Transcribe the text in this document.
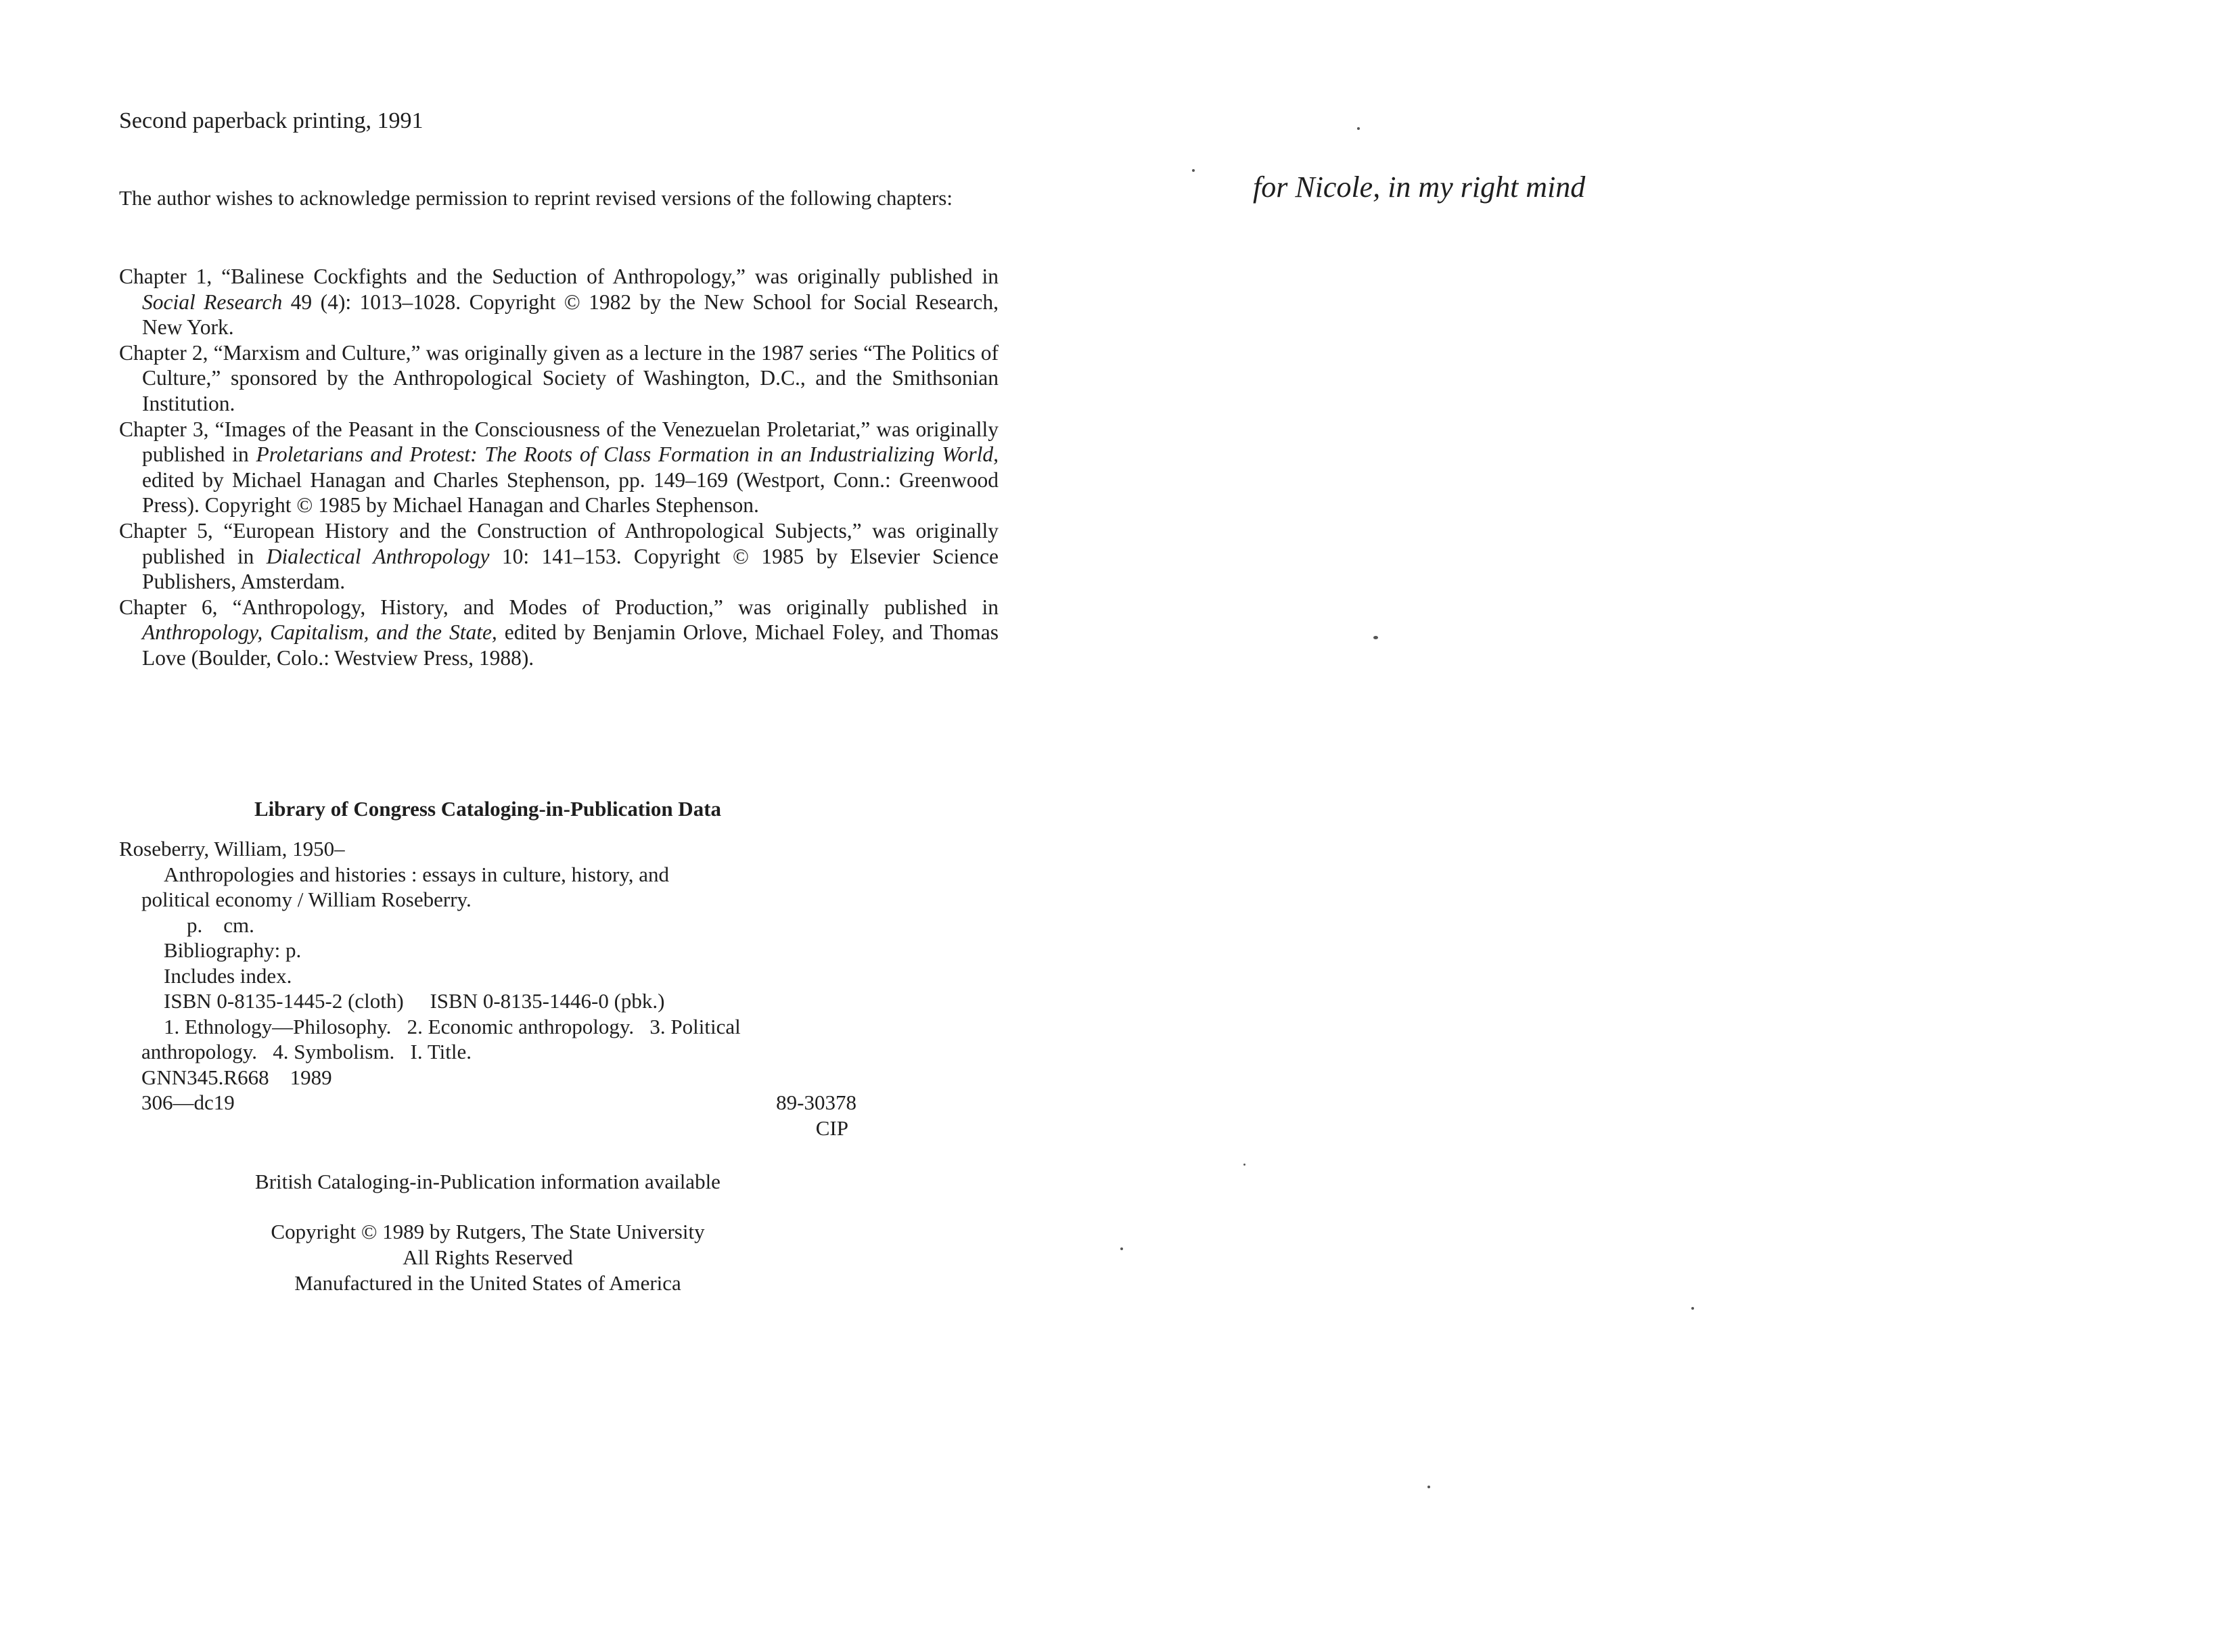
Second paperback printing, 1991

The author wishes to acknowledge permission to reprint revised versions of the following chapters:

Chapter 1, “Balinese Cockfights and the Seduction of Anthropology,” was originally published in Social Research 49 (4): 1013–1028. Copyright © 1982 by the New School for Social Research, New York.

Chapter 2, “Marxism and Culture,” was originally given as a lecture in the 1987 series “The Politics of Culture,” sponsored by the Anthropological Society of Washington, D.C., and the Smithsonian Institution.

Chapter 3, “Images of the Peasant in the Consciousness of the Venezuelan Proletariat,” was originally published in Proletarians and Protest: The Roots of Class Formation in an Industrializing World, edited by Michael Hanagan and Charles Stephenson, pp. 149–169 (Westport, Conn.: Greenwood Press). Copyright © 1985 by Michael Hanagan and Charles Stephenson.

Chapter 5, “European History and the Construction of Anthropological Subjects,” was originally published in Dialectical Anthropology 10: 141–153. Copyright © 1985 by Elsevier Science Publishers, Amsterdam.

Chapter 6, “Anthropology, History, and Modes of Production,” was originally published in Anthropology, Capitalism, and the State, edited by Benjamin Orlove, Michael Foley, and Thomas Love (Boulder, Colo.: Westview Press, 1988).

Library of Congress Cataloging-in-Publication Data

Roseberry, William, 1950–

Anthropologies and histories : essays in culture, history, and

political economy / William Roseberry.

p.    cm.

Bibliography: p.

Includes index.

ISBN 0-8135-1445-2 (cloth)     ISBN 0-8135-1446-0 (pbk.)

1. Ethnology—Philosophy.   2. Economic anthropology.   3. Political

anthropology.   4. Symbolism.   I. Title.

GNN345.R668    1989

306—dc19	89-30378
CIP
British Cataloging-in-Publication information available

Copyright © 1989 by Rutgers, The State University

All Rights Reserved

Manufactured in the United States of America

for Nicole, in my right mind
